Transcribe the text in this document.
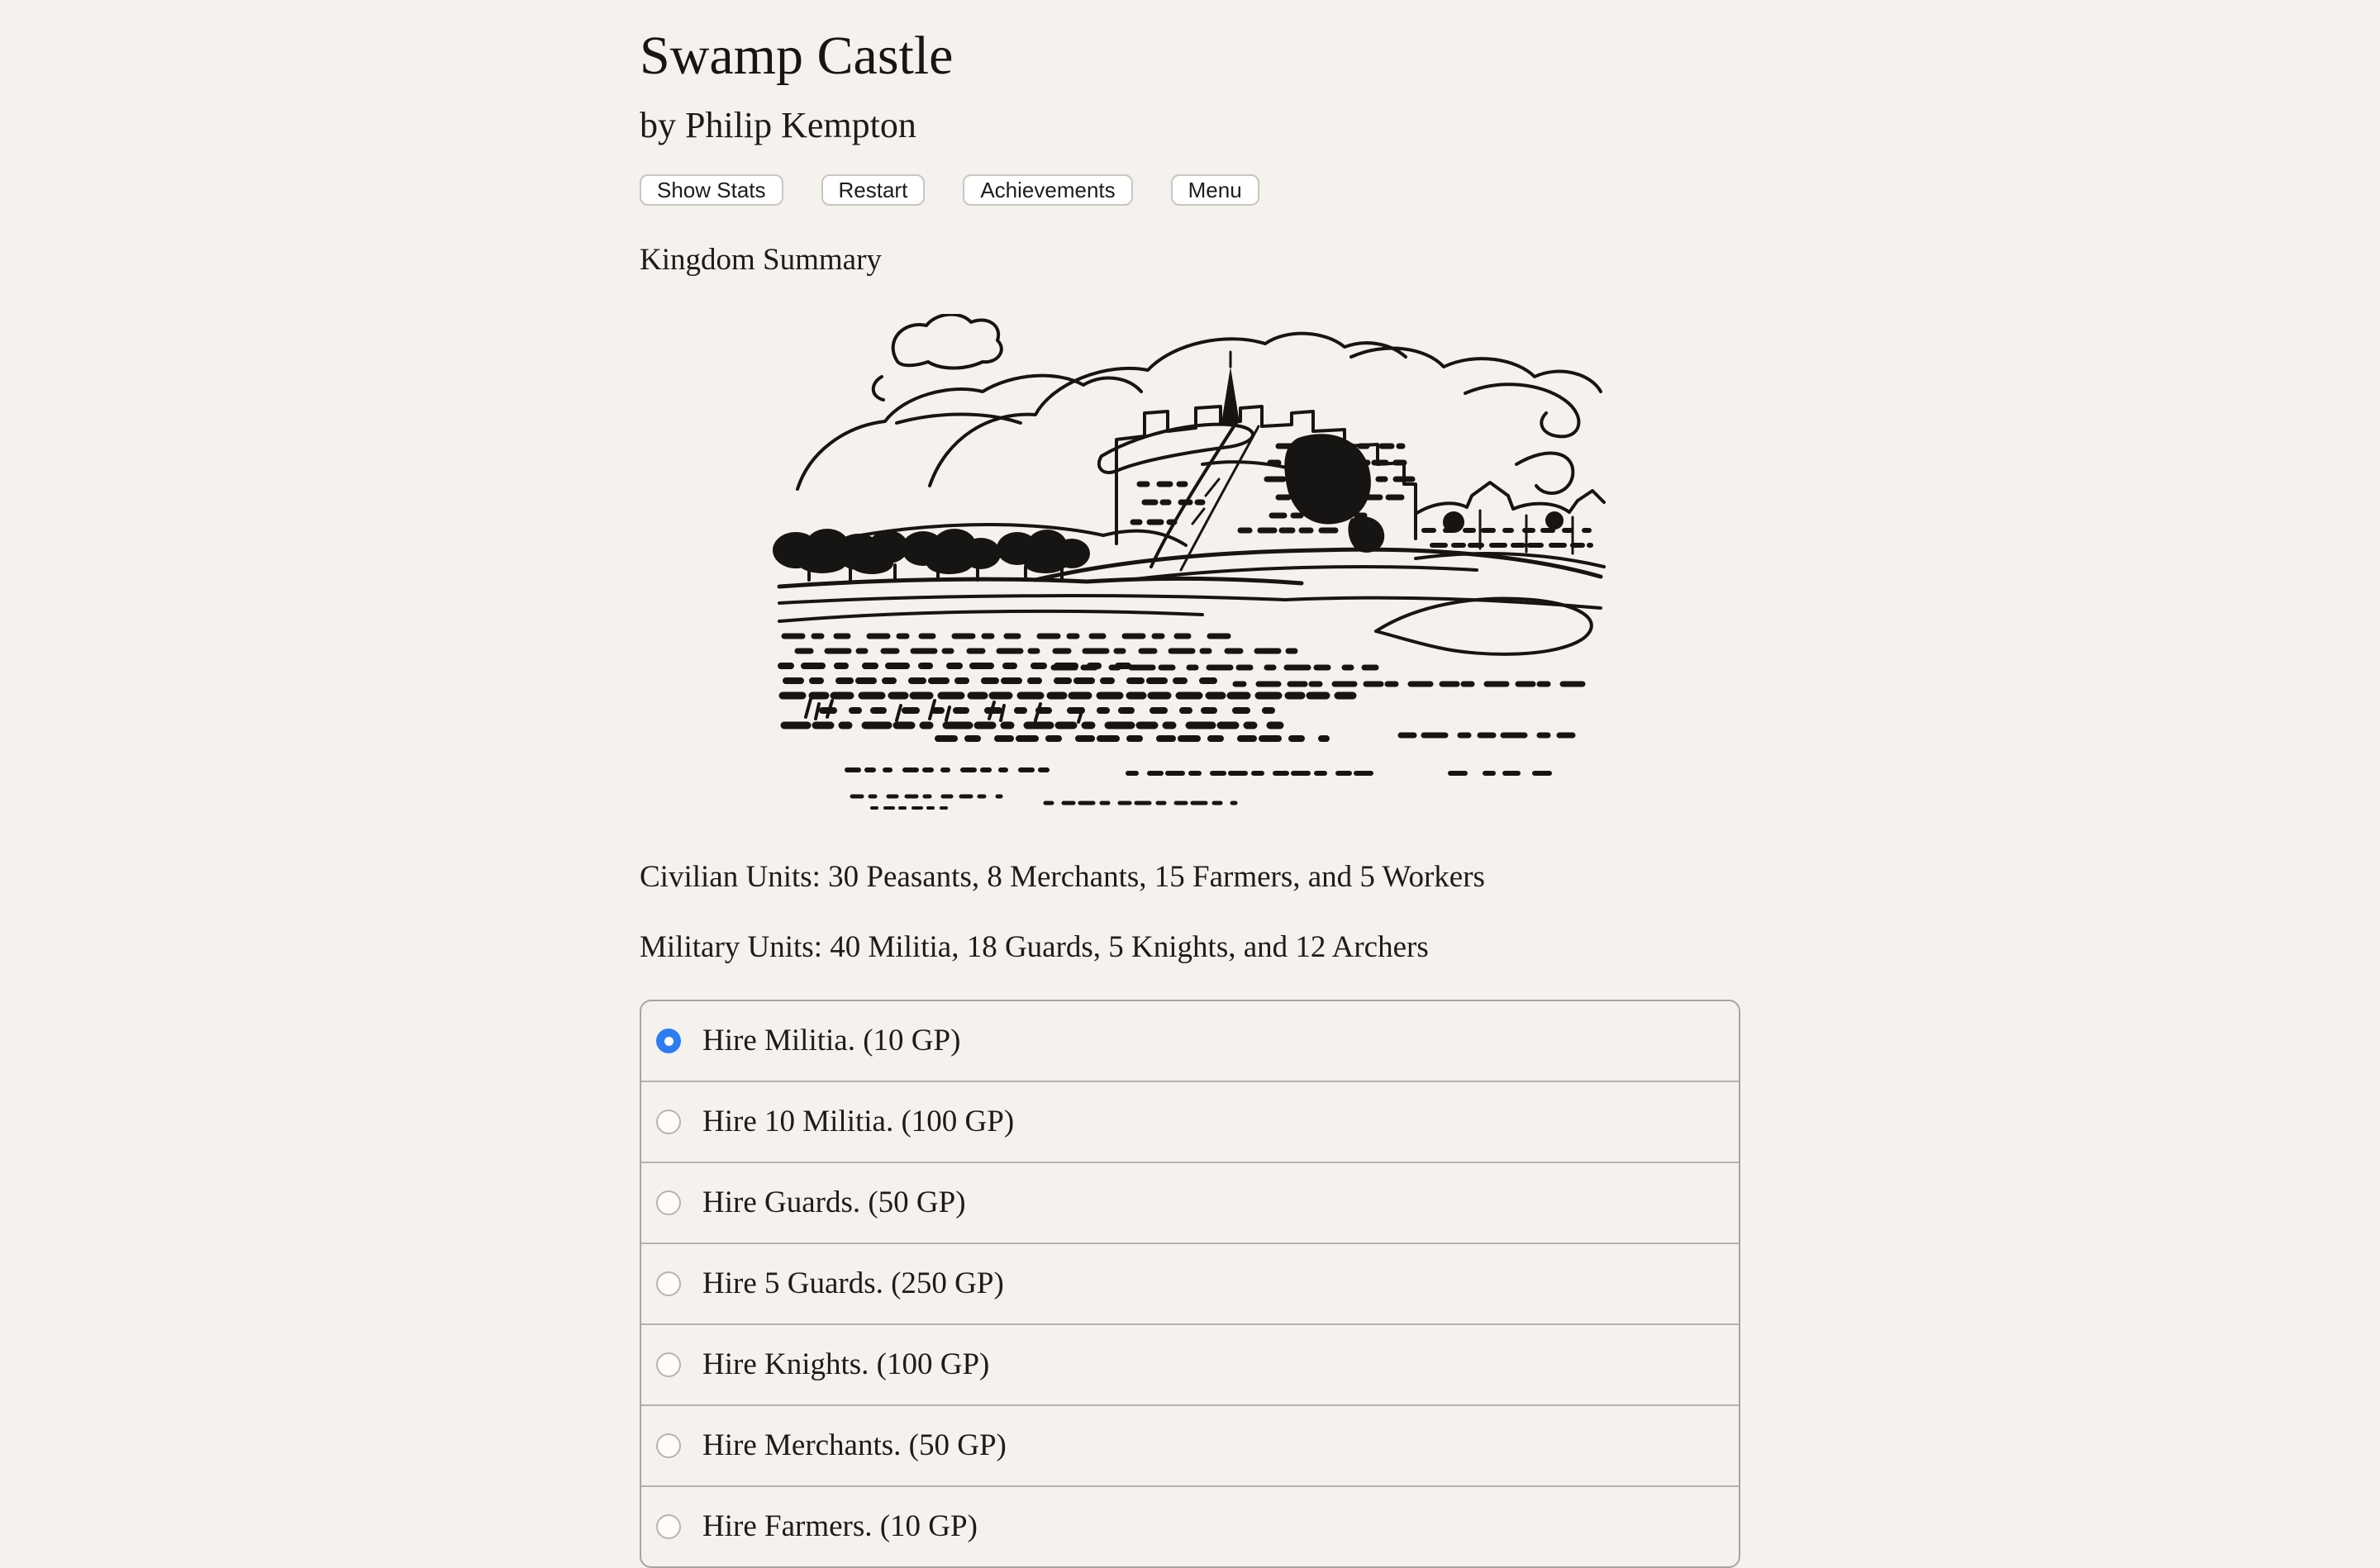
Swamp Castle

by Philip Kempton

Show Stats	Restart	Achievements	Menu

Kingdom Summary

Civilian Units: 30 Peasants, 8 Merchants, 15 Farmers, and 5 Workers

Military Units: 40 Militia, 18 Guards, 5 Knights, and 12 Archers

Hire Militia. (10 GP)
Hire 10 Militia. (100 GP)
Hire Guards. (50 GP)
Hire 5 Guards. (250 GP)
Hire Knights. (100 GP)
Hire Merchants. (50 GP)
Hire Farmers. (10 GP)
